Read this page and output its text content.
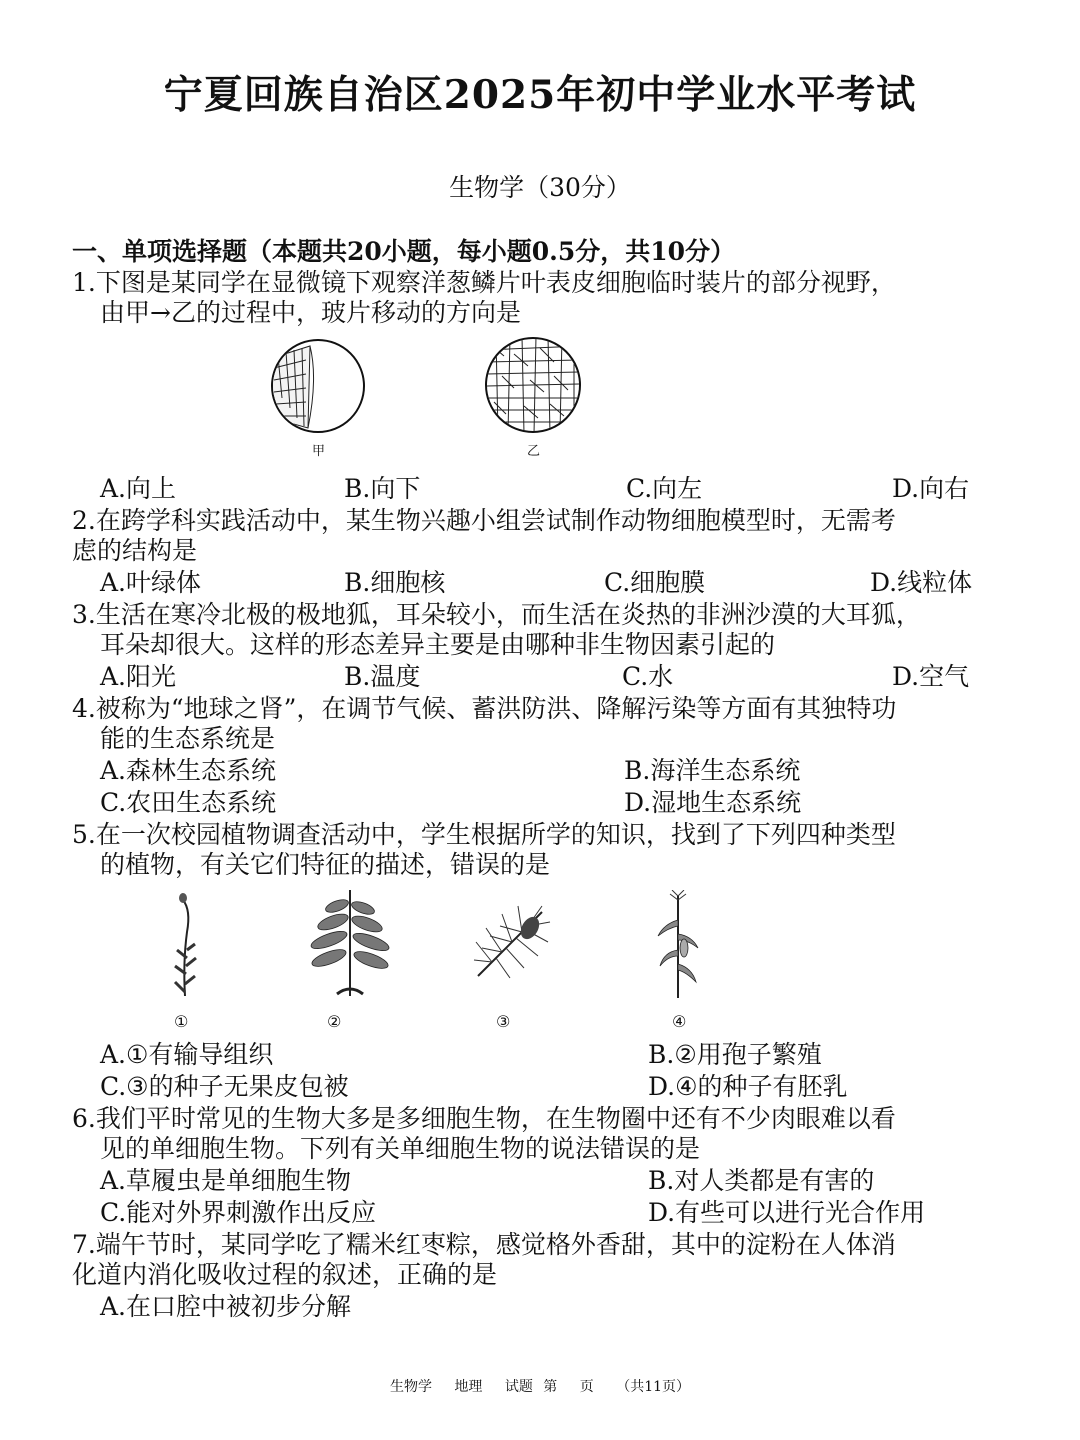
宁夏回族自治区2025年初中学业水平考试
生物学（30分）
一、单项选择题（本题共20小题，每小题0.5分，共10分）
1.下图是某同学在显微镜下观察洋葱鳞片叶表皮细胞临时装片的部分视野，
由甲→乙的过程中，玻片移动的方向是
甲	乙
A.向上	B.向下	C.向左	D.向右
2.在跨学科实践活动中，某生物兴趣小组尝试制作动物细胞模型时，无需考
虑的结构是
A.叶绿体	B.细胞核	C.细胞膜	D.线粒体
3.生活在寒冷北极的极地狐，耳朵较小，而生活在炎热的非洲沙漠的大耳狐，
耳朵却很大。这样的形态差异主要是由哪种非生物因素引起的
A.阳光	B.温度	C.水	D.空气
4.被称为“地球之肾”，在调节气候、蓄洪防洪、降解污染等方面有其独特功
能的生态系统是
A.森林生态系统	B.海洋生态系统
C.农田生态系统	D.湿地生态系统
5.在一次校园植物调查活动中，学生根据所学的知识，找到了下列四种类型
的植物，有关它们特征的描述，错误的是
①	②	③	④
A.①有输导组织	B.②用孢子繁殖
C.③的种子无果皮包被	D.④的种子有胚乳
6.我们平时常见的生物大多是多细胞生物，在生物圈中还有不少肉眼难以看
见的单细胞生物。下列有关单细胞生物的说法错误的是
A.草履虫是单细胞生物	B.对人类都是有害的
C.能对外界刺激作出反应	D.有些可以进行光合作用
7.端午节时，某同学吃了糯米红枣粽，感觉格外香甜，其中的淀粉在人体消
化道内消化吸收过程的叙述，正确的是
A.在口腔中被初步分解
生物学 地理 试题 第 页 （共11页）
